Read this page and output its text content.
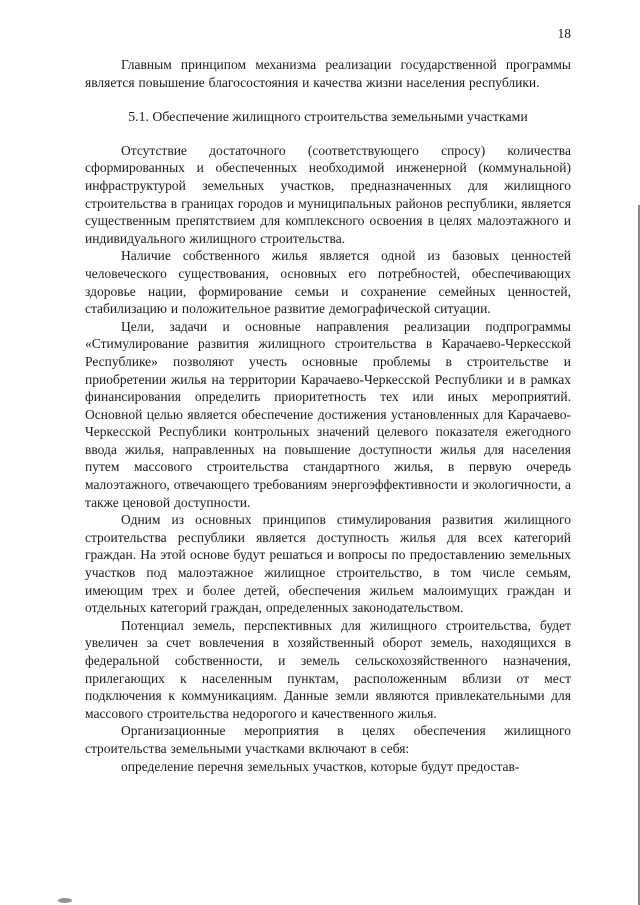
18

Главным принципом механизма реализации государственной программы является повышение благосостояния и качества жизни населения республики.

5.1. Обеспечение жилищного строительства земельными участками

Отсутствие достаточного (соответствующего спросу) количества сформированных и обеспеченных необходимой инженерной (коммунальной) инфраструктурой земельных участков, предназначенных для жилищного строительства в границах городов и муниципальных районов республики, является существенным препятствием для комплексного освоения в целях малоэтажного и индивидуального жилищного строительства.

Наличие собственного жилья является одной из базовых ценностей человеческого существования, основных его потребностей, обеспечивающих здоровье нации, формирование семьи и сохранение семейных ценностей, стабилизацию и положительное развитие демографической ситуации.

Цели, задачи и основные направления реализации подпрограммы «Стимулирование развития жилищного строительства в Карачаево-Черкесской Республике» позволяют учесть основные проблемы в строительстве и приобретении жилья на территории Карачаево-Черкесской Республики и в рамках финансирования определить приоритетность тех или иных мероприятий. Основной целью является обеспечение достижения установленных для Карачаево-Черкесской Республики контрольных значений целевого показателя ежегодного ввода жилья, направленных на повышение доступности жилья для населения путем массового строительства стандартного жилья, в первую очередь малоэтажного, отвечающего требованиям энергоэффективности и экологичности, а также ценовой доступности.

Одним из основных принципов стимулирования развития жилищного строительства республики является доступность жилья для всех категорий граждан. На этой основе будут решаться и вопросы по предоставлению земельных участков под малоэтажное жилищное строительство, в том числе семьям, имеющим трех и более детей, обеспечения жильем малоимущих граждан и отдельных категорий граждан, определенных законодательством.

Потенциал земель, перспективных для жилищного строительства, будет увеличен за счет вовлечения в хозяйственный оборот земель, находящихся в федеральной собственности, и земель сельскохозяйственного назначения, прилегающих к населенным пунктам, расположенным вблизи от мест подключения к коммуникациям. Данные земли являются привлекательными для массового строительства недорогого и качественного жилья.

Организационные мероприятия в целях обеспечения жилищного строительства земельными участками включают в себя:

определение перечня земельных участков, которые будут предостав-
